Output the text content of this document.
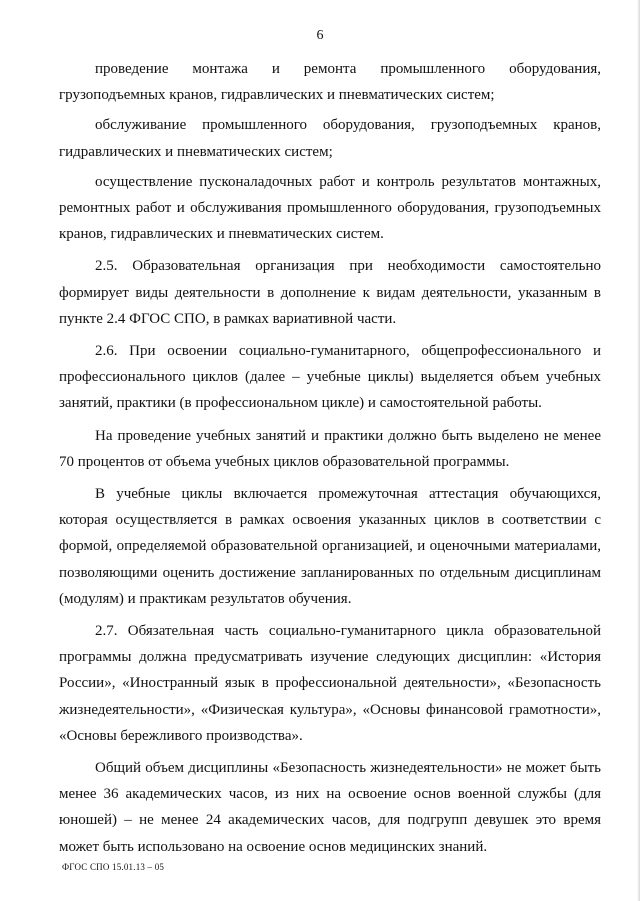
6

проведение монтажа и ремонта промышленного оборудования, грузоподъемных кранов, гидравлических и пневматических систем;

обслуживание промышленного оборудования, грузоподъемных кранов, гидравлических и пневматических систем;

осуществление пусконаладочных работ и контроль результатов монтажных, ремонтных работ и обслуживания промышленного оборудования, грузоподъемных кранов, гидравлических и пневматических систем.

2.5. Образовательная организация при необходимости самостоятельно формирует виды деятельности в дополнение к видам деятельности, указанным в пункте 2.4 ФГОС СПО, в рамках вариативной части.

2.6. При освоении социально-гуманитарного, общепрофессионального и профессионального циклов (далее – учебные циклы) выделяется объем учебных занятий, практики (в профессиональном цикле) и самостоятельной работы.

На проведение учебных занятий и практики должно быть выделено не менее 70 процентов от объема учебных циклов образовательной программы.

В учебные циклы включается промежуточная аттестация обучающихся, которая осуществляется в рамках освоения указанных циклов в соответствии с формой, определяемой образовательной организацией, и оценочными материалами, позволяющими оценить достижение запланированных по отдельным дисциплинам (модулям) и практикам результатов обучения.

2.7. Обязательная часть социально-гуманитарного цикла образовательной программы должна предусматривать изучение следующих дисциплин: «История России», «Иностранный язык в профессиональной деятельности», «Безопасность жизнедеятельности», «Физическая культура», «Основы финансовой грамотности», «Основы бережливого производства».

Общий объем дисциплины «Безопасность жизнедеятельности» не может быть менее 36 академических часов, из них на освоение основ военной службы (для юношей) – не менее 24 академических часов, для подгрупп девушек это время может быть использовано на освоение основ медицинских знаний.

ФГОС СПО 15.01.13 – 05
